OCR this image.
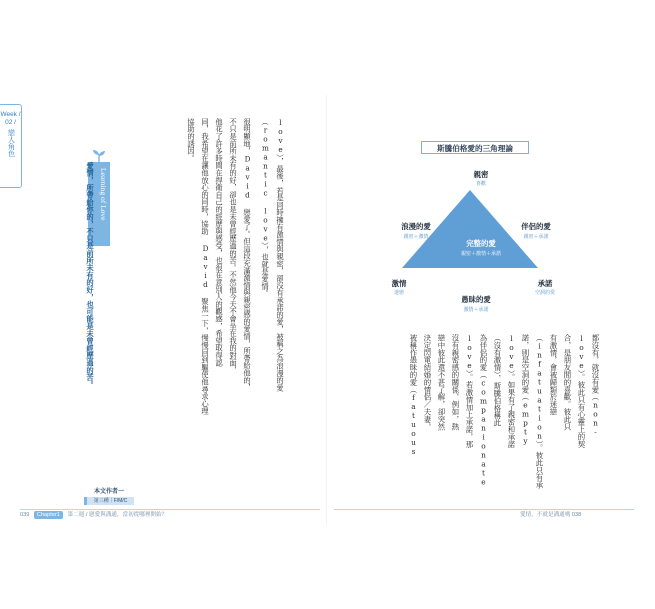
Week / 02 /
戀人角色
Learning of Love
愛情，所帶給你的，不只是前所未有的好，也可能是未曾經歷過的苦。	love），最後，若是同時擁有激情與親密，卻沒有承諾的愛，被稱之為浪漫的愛
（romantic love），也就是愛情。
很明顯地，David 戀愛了。但這段充滿激情與親密感的愛情，所帶給他的，
不只是前所未有的好，卻也是未曾經歷過的苦。不然他今天不會坐在我的對面，
他花了許多時間在捍衛自己的經歷與感受，也很在意別人的觀感，希望取得認
同，我希望在讓他放心的同時，協助 David 聚焦一下，慢慢回到驅使他尋求心理
協助的誘因。
本文作者一
第三種｜F/M/C
039 Chapter1 第二週 / 戀愛與溝通，當初從哪裡開始？
斯騰伯格愛的三角理論
親密
喜歡
浪漫的愛
親密＋激情
伴侶的愛
親密＋承諾
完整的愛
親密＋激情＋承諾
激情
迷戀
承諾
空洞的愛
愚昧的愛
激情＋承諾
都沒有，就沒有愛（non-
love）。彼此只有心靈上的契
合，是朋友間的喜歡。彼此只
有激情，會被歸類於迷戀
（infatuation）。彼此只有承
諾，則是空洞的愛（empty
love）。如果有了親密和承諾
（沒有激情），斯騰伯格稱此
為伴侶的愛（companionate
love）。若激情加上承諾，那
沒有親密感的關係，例如，熱
戀中彼此還不甚了解，卻突然
決定閃電結婚的情侶／夫妻，
被稱作愚昧的愛（fatuous
愛情，不就是溝通嗎 038
